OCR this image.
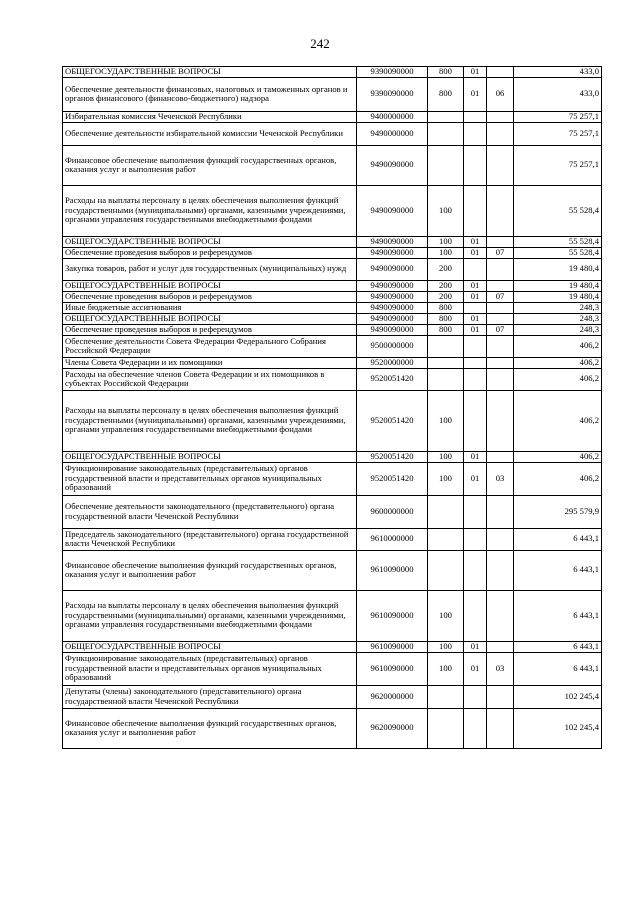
242
ОБЩЕГОСУДАРСТВЕННЫЕ ВОПРОСЫ	9390090000	800	01		433,0
Обеспечение деятельности финансовых, налоговых и таможенных органов и органов финансового (финансово-бюджетного) надзора	9390090000	800	01	06	433,0
Избирательная комиссия Чеченской Республики	9400000000				75 257,1
Обеспечение деятельности избирательной комиссии Чеченской Республики	9490000000				75 257,1
Финансовое обеспечение выполнения функций государственных органов, оказания услуг и выполнения работ	9490090000				75 257,1
Расходы на выплаты персоналу в целях обеспечения выполнения функций государственными (муниципальными) органами, казенными учреждениями, органами управления государственными внебюджетными фондами	9490090000	100			55 528,4
ОБЩЕГОСУДАРСТВЕННЫЕ ВОПРОСЫ	9490090000	100	01		55 528,4
Обеспечение проведения выборов и референдумов	9490090000	100	01	07	55 528,4
Закупка товаров, работ и услуг для государственных (муниципальных) нужд	9490090000	200			19 480,4
ОБЩЕГОСУДАРСТВЕННЫЕ ВОПРОСЫ	9490090000	200	01		19 480,4
Обеспечение проведения выборов и референдумов	9490090000	200	01	07	19 480,4
Иные бюджетные ассигнования	9490090000	800			248,3
ОБЩЕГОСУДАРСТВЕННЫЕ ВОПРОСЫ	9490090000	800	01		248,3
Обеспечение проведения выборов и референдумов	9490090000	800	01	07	248,3
Обеспечение деятельности Совета Федерации Федерального Собрания Российской Федерации	9500000000				406,2
Члены Совета Федерации и их помощники	9520000000				406,2
Расходы на обеспечение членов Совета Федерации и их помощников в субъектах Российской Федерации	9520051420				406,2
Расходы на выплаты персоналу в целях обеспечения выполнения функций государственными (муниципальными) органами, казенными учреждениями, органами управления государственными внебюджетными фондами	9520051420	100			406,2
ОБЩЕГОСУДАРСТВЕННЫЕ ВОПРОСЫ	9520051420	100	01		406,2
Функционирование законодательных (представительных) органов государственной власти и представительных органов муниципальных образований	9520051420	100	01	03	406,2
Обеспечение деятельности законодательного (представительного) органа государственной власти Чеченской Республики	9600000000				295 579,9
Председатель законодательного (представительного) органа государственной власти Чеченской Республики	9610000000				6 443,1
Финансовое обеспечение выполнения функций государственных органов, оказания услуг и выполнения работ	9610090000				6 443,1
Расходы на выплаты персоналу в целях обеспечения выполнения функций государственными (муниципальными) органами, казенными учреждениями, органами управления государственными внебюджетными фондами	9610090000	100			6 443,1
ОБЩЕГОСУДАРСТВЕННЫЕ ВОПРОСЫ	9610090000	100	01		6 443,1
Функционирование законодательных (представительных) органов государственной власти и представительных органов муниципальных образований	9610090000	100	01	03	6 443,1
Депутаты (члены) законодательного (представительного) органа государственной власти Чеченской Республики	9620000000				102 245,4
Финансовое обеспечение выполнения функций государственных органов, оказания услуг и выполнения работ	9620090000				102 245,4
